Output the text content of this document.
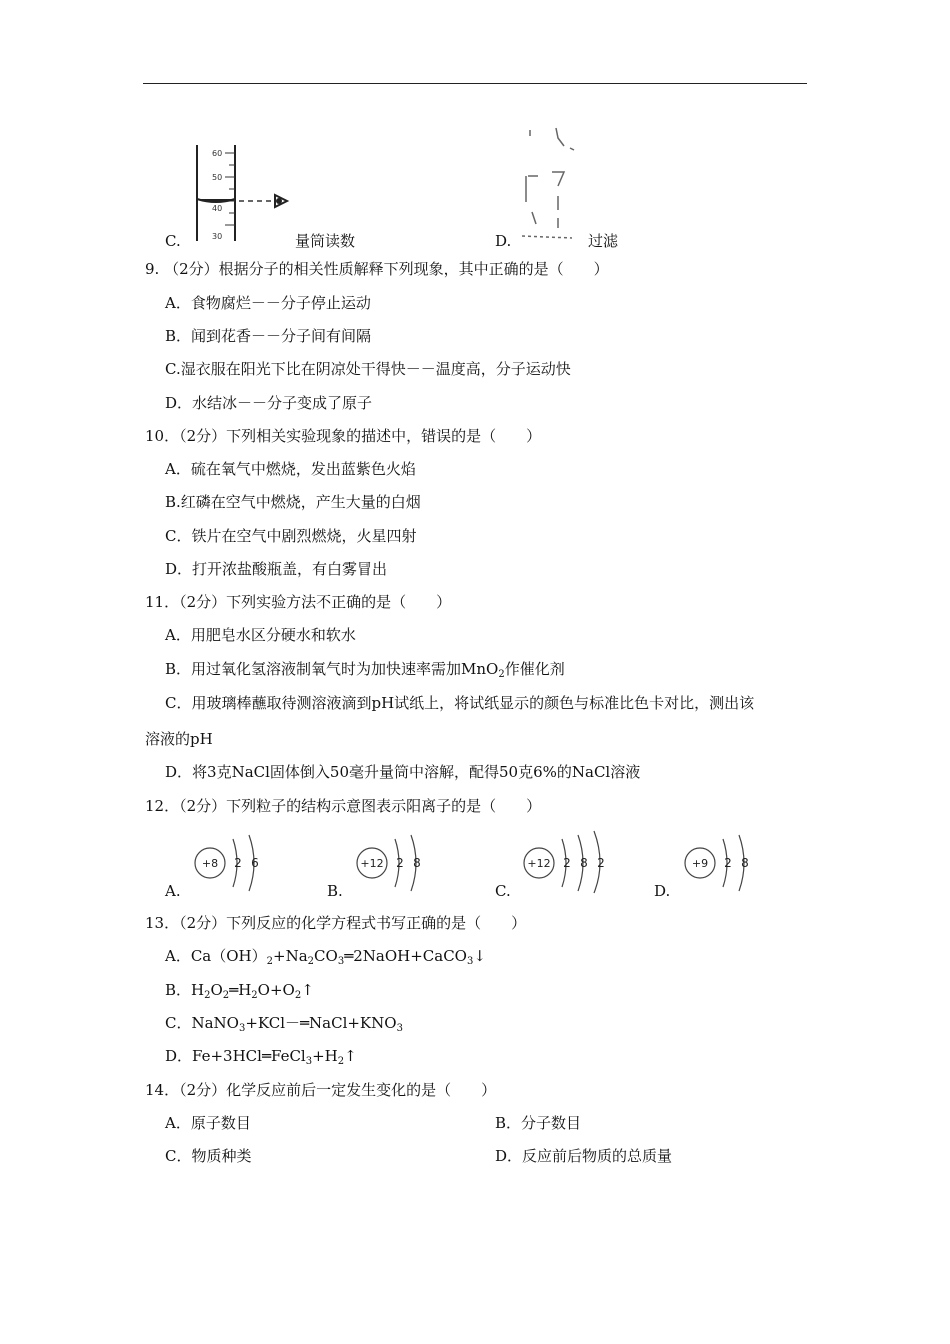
C.
60
50
40
30	量筒读数	D.	过滤
9. （2分）根据分子的相关性质解释下列现象，其中正确的是（　　）
A．食物腐烂－－分子停止运动
B．闻到花香－－分子间有间隔
C.湿衣服在阳光下比在阴凉处干得快－－温度高，分子运动快
D．水结冰－－分子变成了原子
10．（2分）下列相关实验现象的描述中，错误的是（　　）
A．硫在氧气中燃烧，发出蓝紫色火焰
B.红磷在空气中燃烧，产生大量的白烟
C．铁片在空气中剧烈燃烧，火星四射
D．打开浓盐酸瓶盖，有白雾冒出
11．（2分）下列实验方法不正确的是（　　）
A．用肥皂水区分硬水和软水
B．用过氧化氢溶液制氧气时为加快速率需加MnO$_2$作催化剂
C．用玻璃棒蘸取待测溶液滴到pH试纸上，将试纸显示的颜色与标准比色卡对比，测出该
溶液的pH
D．将3克NaCl固体倒入50毫升量筒中溶解，配得50克6%的NaCl溶液
12．（2分）下列粒子的结构示意图表示阳离子的是（　　）
A.
+8 2 6
B.
+12 2 8
C.
+12 2 8 2
D.
+9 2 8
13．（2分）下列反应的化学方程式书写正确的是（　　）
A．$Ca(OH)_2+Na_2CO_3═2NaOH+CaCO_3↓$
B．$H_2O_2═H_2O+O_2↑$
C．$NaNO_3+KCl-═NaCl+KNO_3$
D．$Fe+3HCl═FeCl_3+H_2↑$
14．（2分）化学反应前后一定发生变化的是（　　）
A．原子数目	B．分子数目
C．物质种类	D．反应前后物质的总质量
